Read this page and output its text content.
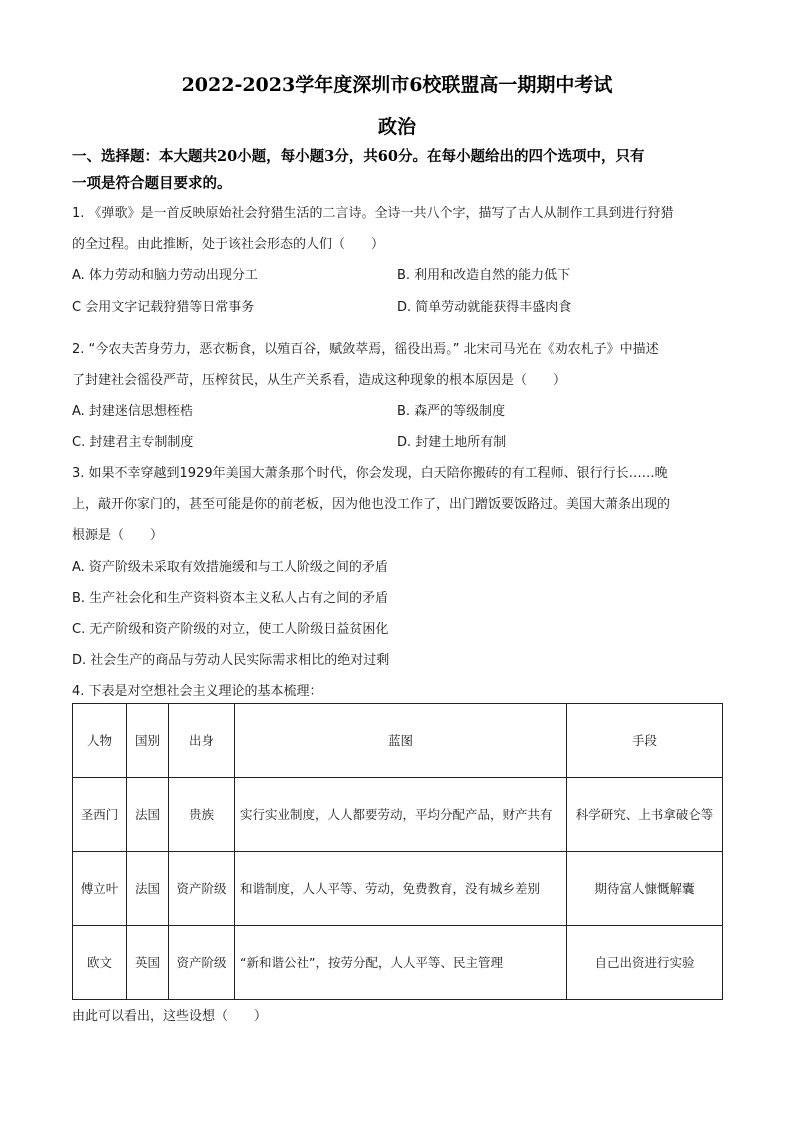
2022-2023学年度深圳市6校联盟高一期期中考试
政治
一、选择题：本大题共20小题，每小题3分，共60分。在每小题给出的四个选项中，只有
一项是符合题目要求的。
1. 《弹歌》是一首反映原始社会狩猎生活的二言诗。全诗一共八个字，描写了古人从制作工具到进行狩猎
的全过程。由此推断，处于该社会形态的人们（　　）
A. 体力劳动和脑力劳动出现分工	B. 利用和改造自然的能力低下
C 会用文字记载狩猎等日常事务	D. 简单劳动就能获得丰盛肉食
2. “今农夫苦身劳力，恶衣粝食，以殖百谷，赋敛萃焉，徭役出焉。” 北宋司马光在《劝农札子》中描述
了封建社会徭役严苛，压榨贫民，从生产关系看，造成这种现象的根本原因是（　　）
A. 封建迷信思想桎梏	B. 森严的等级制度
C. 封建君主专制制度	D. 封建土地所有制
3. 如果不幸穿越到1929年美国大萧条那个时代，你会发现，白天陪你搬砖的有工程师、银行行长……晚
上，敲开你家门的，甚至可能是你的前老板，因为他也没工作了，出门蹭饭要饭路过。美国大萧条出现的
根源是（　　）
A. 资产阶级未采取有效措施缓和与工人阶级之间的矛盾
B. 生产社会化和生产资料资本主义私人占有之间的矛盾
C. 无产阶级和资产阶级的对立，使工人阶级日益贫困化
D. 社会生产的商品与劳动人民实际需求相比的绝对过剩
4. 下表是对空想社会主义理论的基本梳理：
人物	国别	出身	蓝图	手段
圣西门	法国	贵族	实行实业制度，人人都要劳动，平均分配产品，财产共有	科学研究、上书拿破仑等
傅立叶	法国	资产阶级	和谐制度，人人平等、劳动，免费教育，没有城乡差别	期待富人慷慨解囊
欧文	英国	资产阶级	“新和谐公社”，按劳分配，人人平等、民主管理	自己出资进行实验
由此可以看出，这些设想（　　）
